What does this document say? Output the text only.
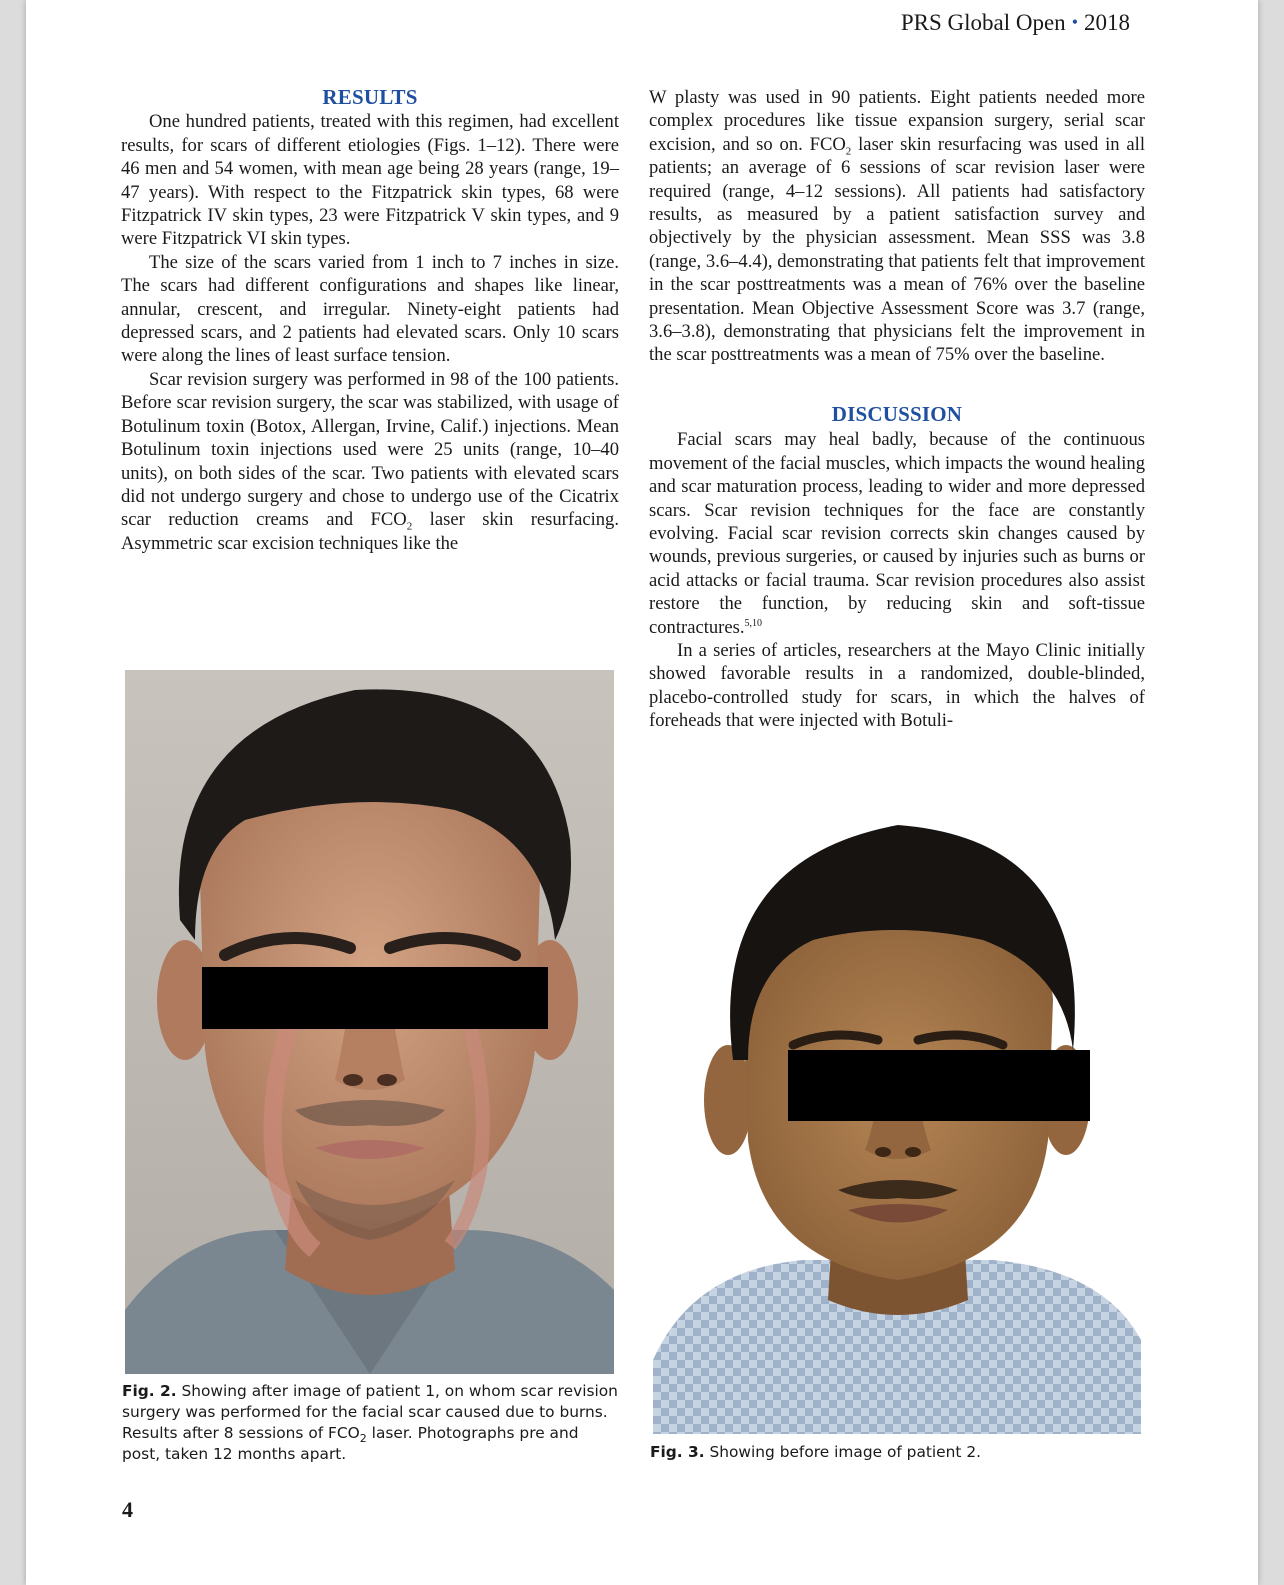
PRS Global Open • 2018
RESULTS

One hundred patients, treated with this regimen, had excellent results, for scars of different etiologies (Figs. 1–12). There were 46 men and 54 women, with mean age being 28 years (range, 19–47 years). With respect to the Fitzpatrick skin types, 68 were Fitzpatrick IV skin types, 23 were Fitzpatrick V skin types, and 9 were Fitzpatrick VI skin types.

The size of the scars varied from 1 inch to 7 inches in size. The scars had different configurations and shapes like linear, annular, crescent, and irregular. Ninety-eight patients had depressed scars, and 2 patients had elevated scars. Only 10 scars were along the lines of least surface tension.

Scar revision surgery was performed in 98 of the 100 patients. Before scar revision surgery, the scar was stabilized, with usage of Botulinum toxin (Botox, Allergan, Irvine, Calif.) injections. Mean Botulinum toxin injections used were 25 units (range, 10–40 units), on both sides of the scar. Two patients with elevated scars did not undergo surgery and chose to undergo use of the Cicatrix scar reduction creams and $FCO_2$ laser skin resurfacing. Asymmetric scar excision techniques like the

W plasty was used in 90 patients. Eight patients needed more complex procedures like tissue expansion surgery, serial scar excision, and so on. $FCO_2$ laser skin resurfacing was used in all patients; an average of 6 sessions of scar revision laser were required (range, 4–12 sessions). All patients had satisfactory results, as measured by a patient satisfaction survey and objectively by the physician assessment. Mean SSS was 3.8 (range, 3.6–4.4), demonstrating that patients felt that improvement in the scar posttreatments was a mean of 76% over the baseline presentation. Mean Objective Assessment Score was 3.7 (range, 3.6–3.8), demonstrating that physicians felt the improvement in the scar posttreatments was a mean of 75% over the baseline.

DISCUSSION

Facial scars may heal badly, because of the continuous movement of the facial muscles, which impacts the wound healing and scar maturation process, leading to wider and more depressed scars. Scar revision techniques for the face are constantly evolving. Facial scar revision corrects skin changes caused by wounds, previous surgeries, or caused by injuries such as burns or acid attacks or facial trauma. Scar revision procedures also assist restore the function, by reducing skin and soft-tissue contractures.$^{5,10}$

In a series of articles, researchers at the Mayo Clinic initially showed favorable results in a randomized, double-blinded, placebo-controlled study for scars, in which the halves of foreheads that were injected with Botuli-

Fig. 2. Showing after image of patient 1, on whom scar revision surgery was performed for the facial scar caused due to burns. Results after 8 sessions of $FCO_2$ laser. Photographs pre and post, taken 12 months apart.	Fig. 3. Showing before image of patient 2.
4
